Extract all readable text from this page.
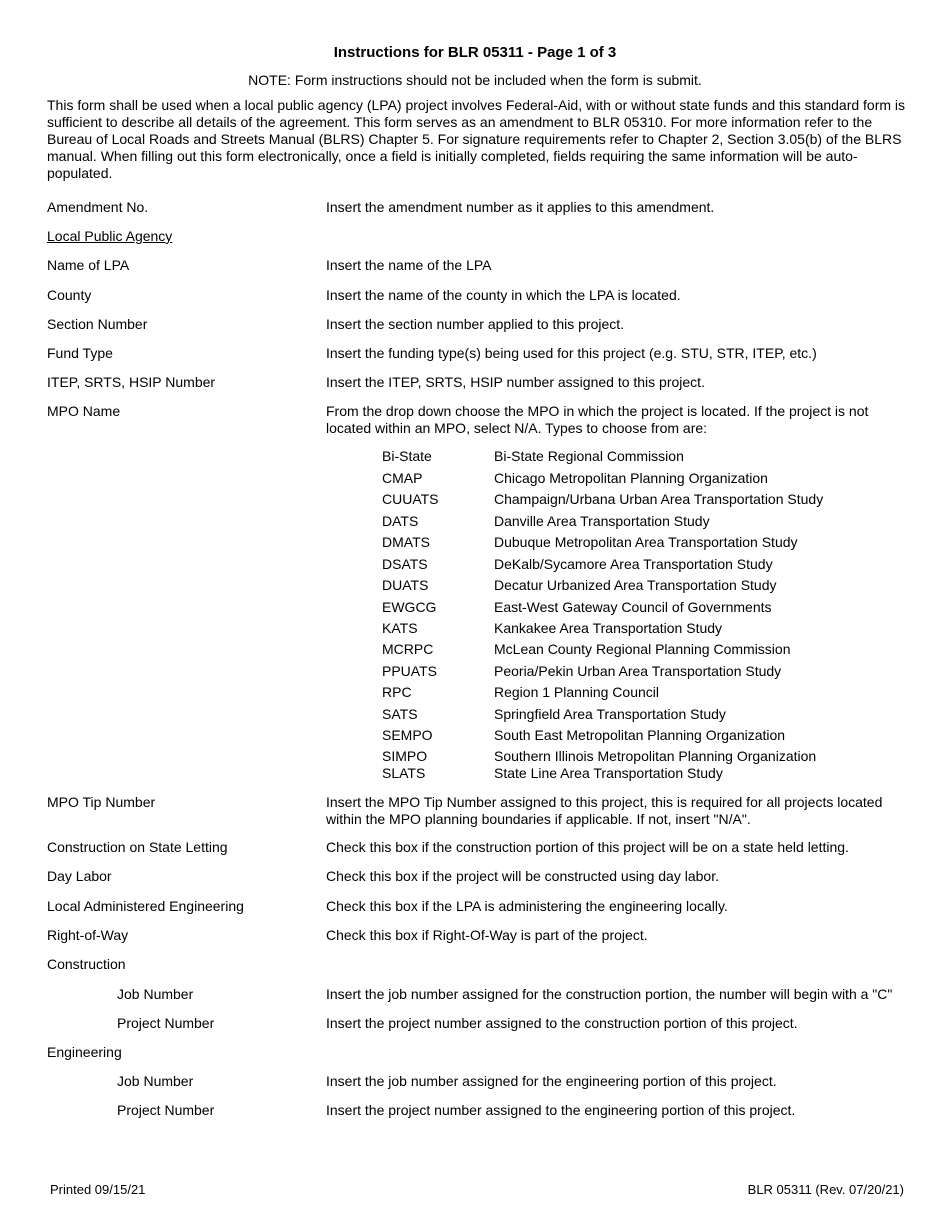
Instructions for BLR 05311 - Page 1 of 3
NOTE: Form instructions should not be included when the form is submit.
This form shall be used when a local public agency (LPA) project involves Federal-Aid, with or without state funds and this standard form is sufficient to describe all details of the agreement. This form serves as an amendment to BLR 05310. For more information refer to the Bureau of Local Roads and Streets Manual (BLRS) Chapter 5. For signature requirements refer to Chapter 2, Section 3.05(b) of the BLRS manual. When filling out this form electronically, once a field is initially completed, fields requiring the same information will be auto-populated.
Amendment No.	Insert the amendment number as it applies to this amendment.
Local Public Agency
Name of LPA	Insert the name of the LPA
County	Insert the name of the county in which the LPA is located.
Section Number	Insert the section number applied to this project.
Fund Type	Insert the funding type(s) being used for this project (e.g. STU, STR, ITEP, etc.)
ITEP, SRTS, HSIP Number	Insert the ITEP, SRTS, HSIP number assigned to this project.
MPO Name	From the drop down choose the MPO in which the project is located. If the project is not located within an MPO, select N/A. Types to choose from are:
Bi-State	Bi-State Regional Commission
CMAP	Chicago Metropolitan Planning Organization
CUUATS	Champaign/Urbana Urban Area Transportation Study
DATS	Danville Area Transportation Study
DMATS	Dubuque Metropolitan Area Transportation Study
DSATS	DeKalb/Sycamore Area Transportation Study
DUATS	Decatur Urbanized Area Transportation Study
EWGCG	East-West Gateway Council of Governments
KATS	Kankakee Area Transportation Study
MCRPC	McLean County Regional Planning Commission
PPUATS	Peoria/Pekin Urban Area Transportation Study
RPC	Region 1 Planning Council
SATS	Springfield Area Transportation Study
SEMPO	South East Metropolitan Planning Organization
SIMPO	Southern Illinois Metropolitan Planning Organization
SLATS	State Line Area Transportation Study
MPO Tip Number	Insert the MPO Tip Number assigned to this project, this is required for all projects located within the MPO planning boundaries if applicable. If not, insert "N/A".
Construction on State Letting	Check this box if the construction portion of this project will be on a state held letting.
Day Labor	Check this box if the project will be constructed using day labor.
Local Administered Engineering	Check this box if the LPA is administering the engineering locally.
Right-of-Way	Check this box if Right-Of-Way is part of the project.
Construction
Job Number	Insert the job number assigned for the construction portion, the number will begin with a "C"
Project Number	Insert the project number assigned to the construction portion of this project.
Engineering
Job Number	Insert the job number assigned for the engineering portion of this project.
Project Number	Insert the project number assigned to the engineering portion of this project.
Printed 09/15/21	BLR 05311 (Rev. 07/20/21)
